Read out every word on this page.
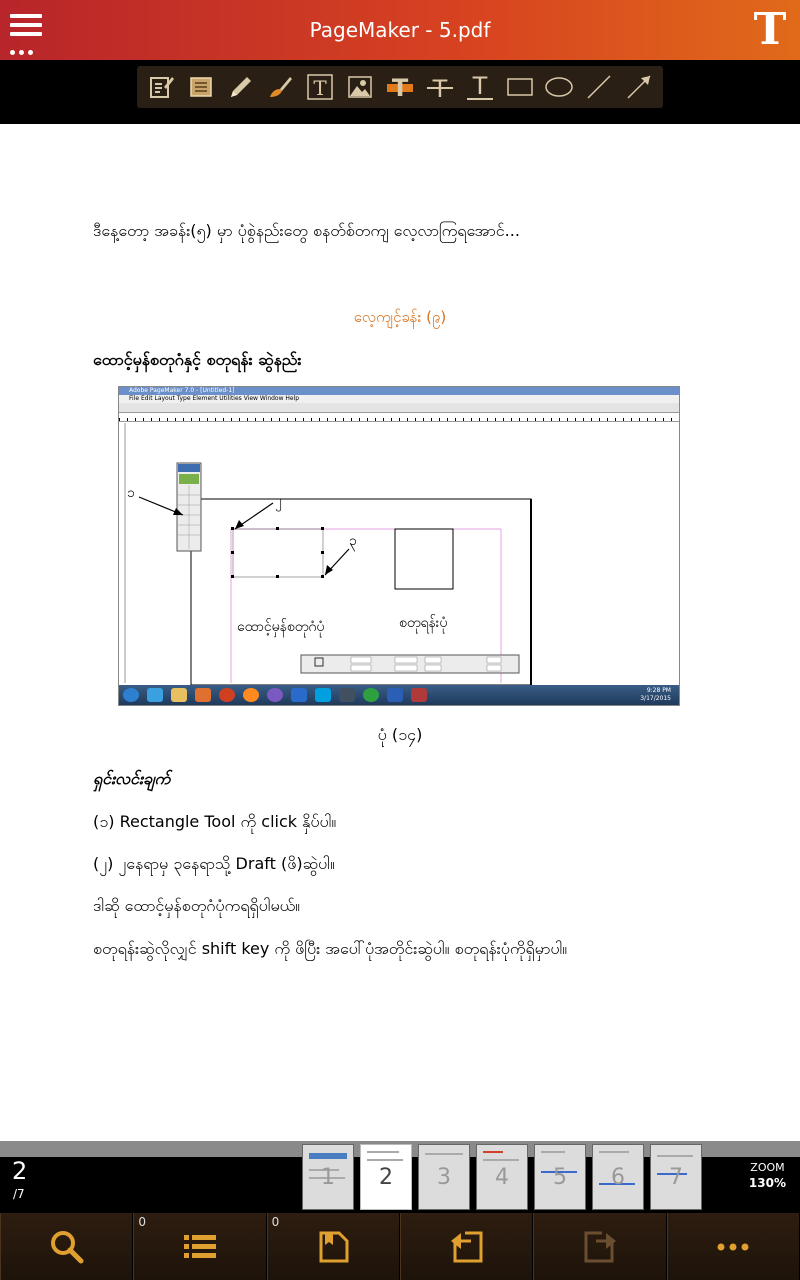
PageMaker - 5.pdf	T
T	T T T
ဒီနေ့တော့ အခန်း(၅) မှာ ပုံစွဲနည်းတွေ စနတ်စ်တကျ လေ့လာကြရအောင်...
လေ့ကျင့်ခန်း (၉)
ထောင့်မှန်စတုဂံနှင့် စတုရန်း ဆွဲနည်း
Adobe PageMaker 7.0 - [Untitled-1]
File Edit Layout Type Element Utilities View Window Help
၁	၂
၃
ထောင့်မှန်စတုဂံပုံ	စတုရန်းပုံ
9:28 PM
3/17/2015
ပုံ (၁၄)
ရှင်းလင်းချက်
(၁) Rectangle Tool ကို click နှိပ်ပါ။
(၂) ၂နေရာမှ ၃နေရာသို့ Draft (ဖိ)ဆွဲပါ။
ဒါဆို ထောင့်မှန်စတုဂံပုံကရရှိပါမယ်။
စတုရန်းဆွဲလိုလျှင် shift key ကို ဖိပြီး အပေါ်ပုံအတိုင်းဆွဲပါ။ စတုရန်းပုံကိုရှိမှာပါ။
2
/7
1	2	3	4	5	6	7	ZOOM
130%
0	0
